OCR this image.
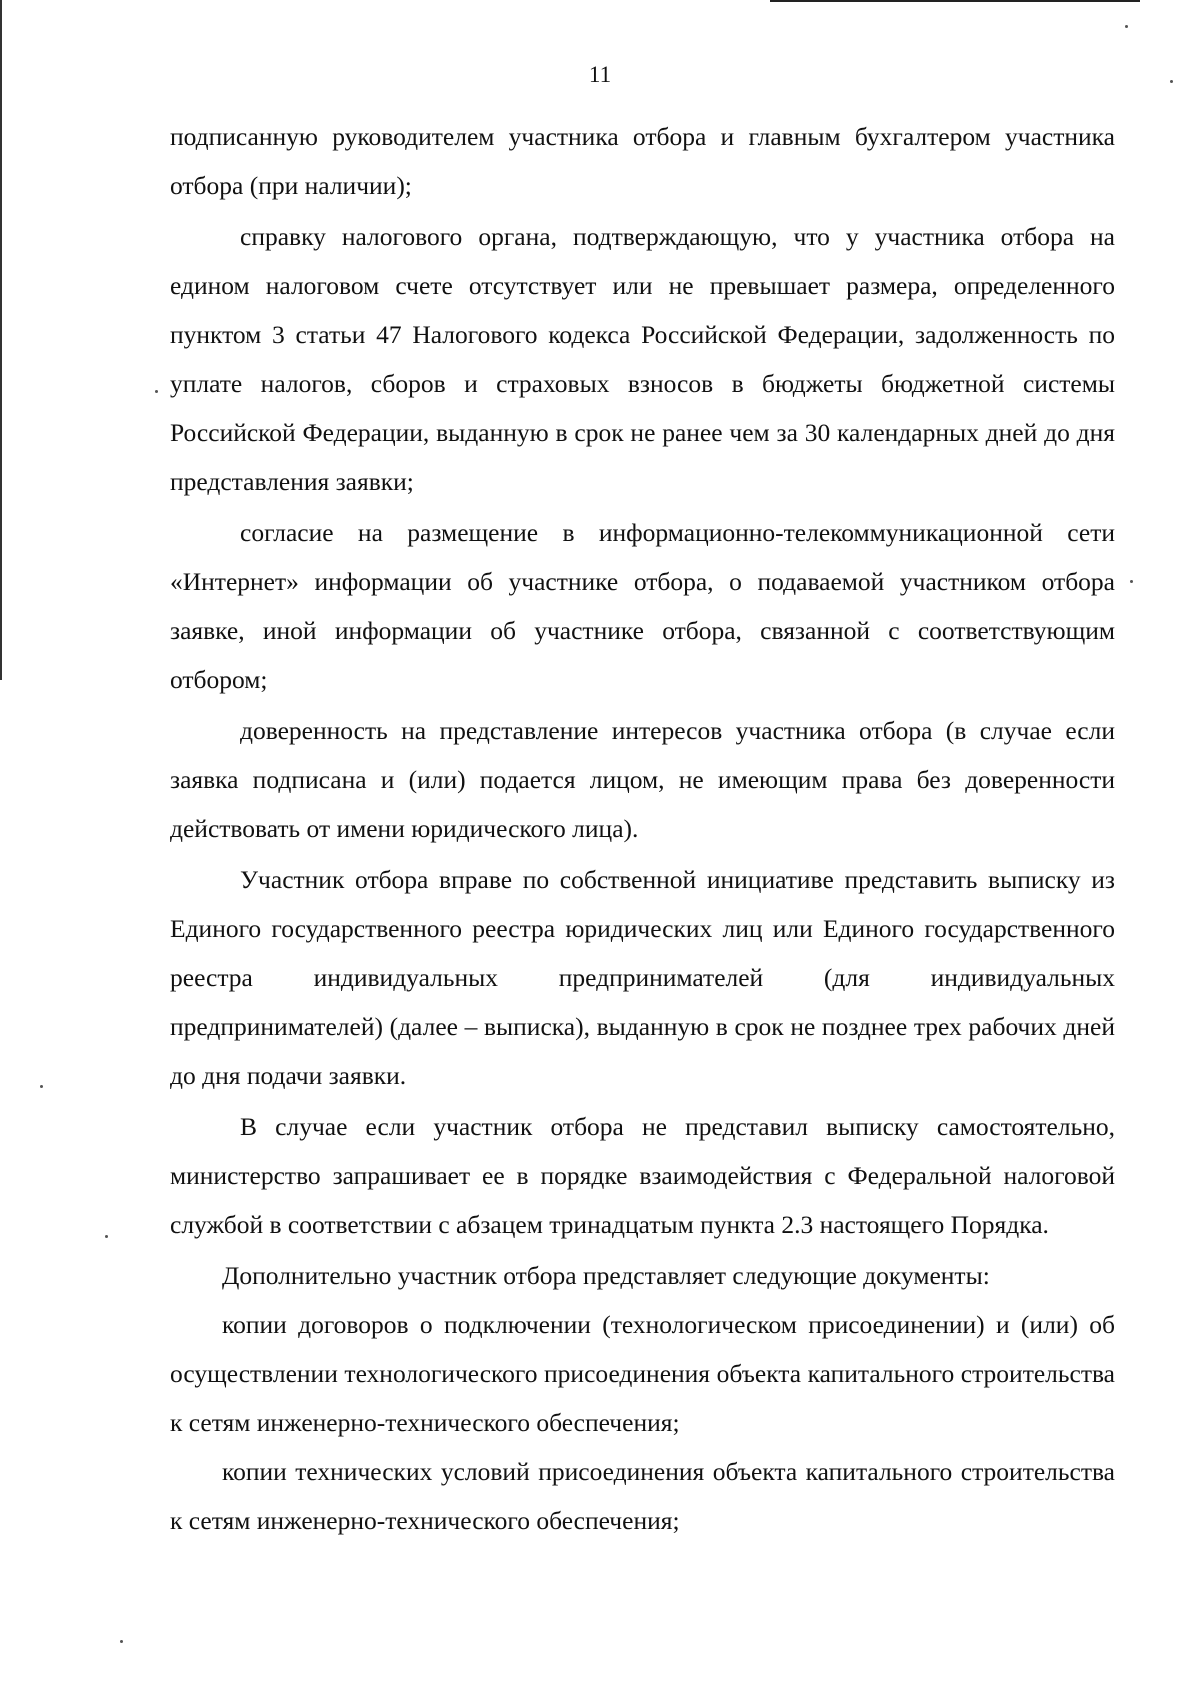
11

подписанную руководителем участника отбора и главным бухгалтером участника отбора (при наличии);

справку налогового органа, подтверждающую, что у участника отбора на едином налоговом счете отсутствует или не превышает размера, определенного пунктом 3 статьи 47 Налогового кодекса Российской Федерации, задолженность по уплате налогов, сборов и страховых взносов в бюджеты бюджетной системы Российской Федерации, выданную в срок не ранее чем за 30 календарных дней до дня представления заявки;

согласие на размещение в информационно-телекоммуникационной сети «Интернет» информации об участнике отбора, о подаваемой участником отбора заявке, иной информации об участнике отбора, связанной с соответствующим отбором;

доверенность на представление интересов участника отбора (в случае если заявка подписана и (или) подается лицом, не имеющим права без доверенности действовать от имени юридического лица).

Участник отбора вправе по собственной инициативе представить выписку из Единого государственного реестра юридических лиц или Единого государственного реестра индивидуальных предпринимателей (для индивидуальных предпринимателей) (далее – выписка), выданную в срок не позднее трех рабочих дней до дня подачи заявки.

В случае если участник отбора не представил выписку самостоятельно, министерство запрашивает ее в порядке взаимодействия с Федеральной налоговой службой в соответствии с абзацем тринадцатым пункта 2.3 настоящего Порядка.

Дополнительно участник отбора представляет следующие документы:

копии договоров о подключении (технологическом присоединении) и (или) об осуществлении технологического присоединения объекта капитального строительства к сетям инженерно-технического обеспечения;

копии технических условий присоединения объекта капитального строительства к сетям инженерно-технического обеспечения;
